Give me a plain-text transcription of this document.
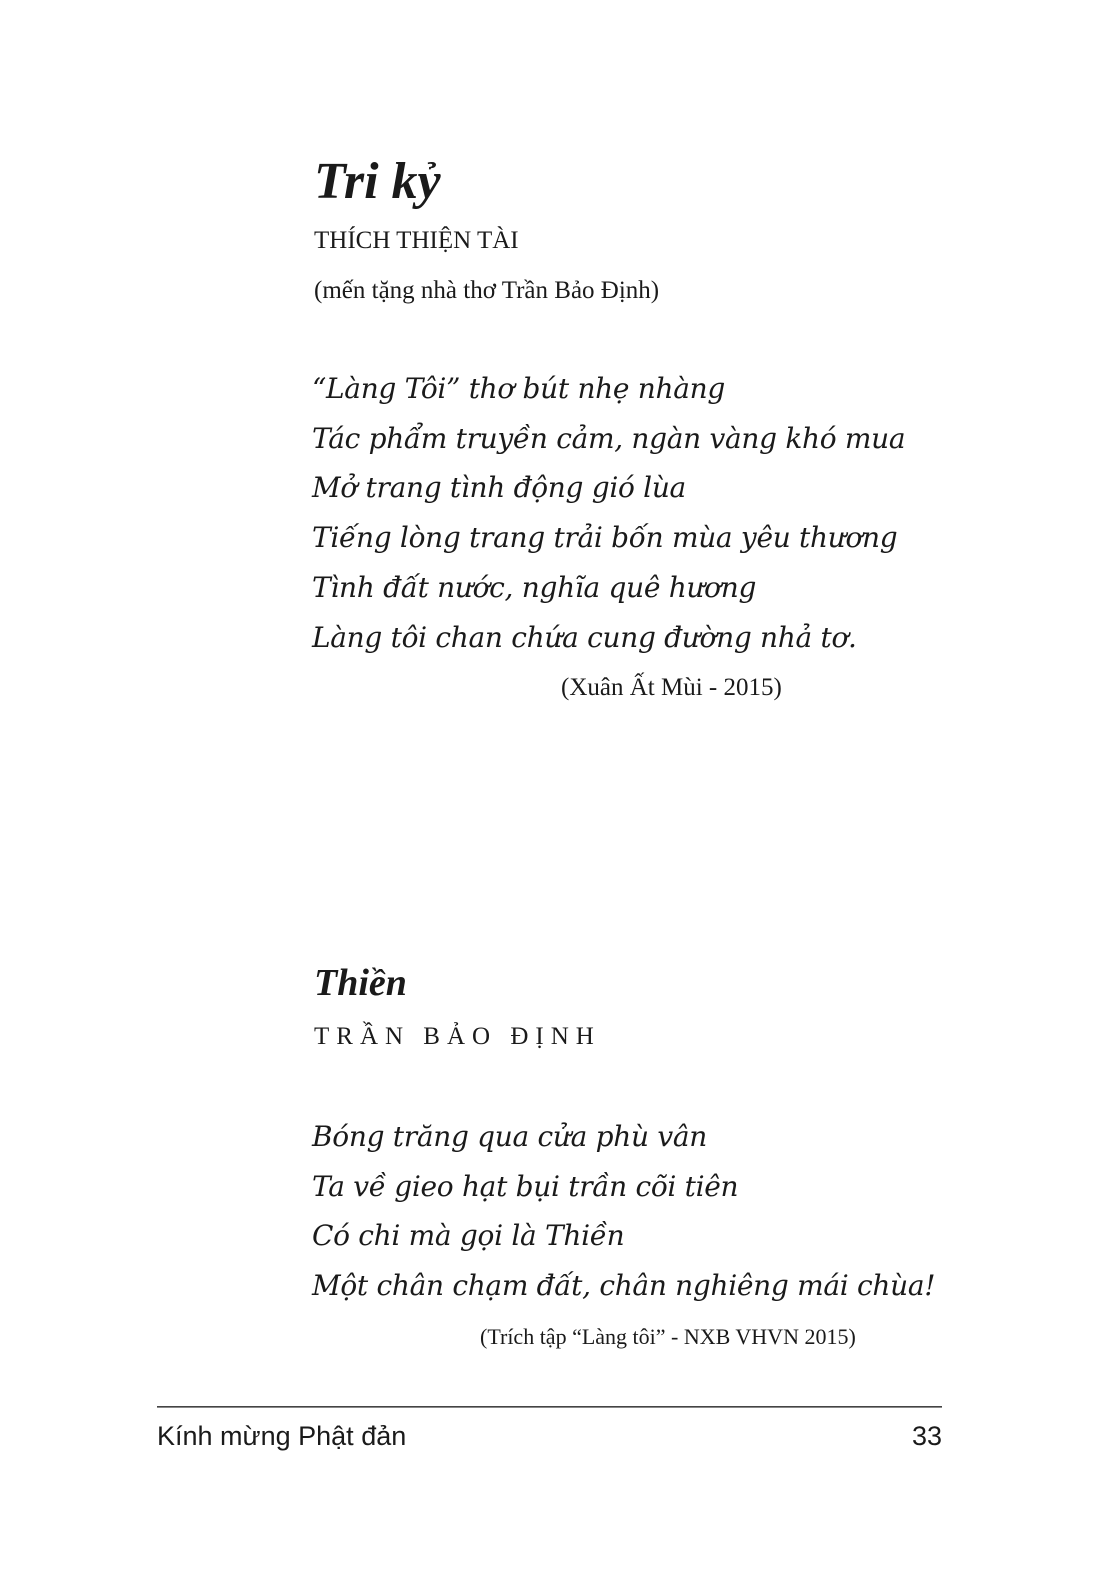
Tri kỷ
THÍCH THIỆN TÀI
(mến tặng nhà thơ Trần Bảo Định)
“Làng Tôi” thơ bút nhẹ nhàng
Tác phẩm truyền cảm, ngàn vàng khó mua
Mở trang tình động gió lùa
Tiếng lòng trang trải bốn mùa yêu thương
Tình đất nước, nghĩa quê hương
Làng tôi chan chứa cung đường nhả tơ.
(Xuân Ất Mùi - 2015)
Thiền
TRẦN BẢO ĐỊNH
Bóng trăng qua cửa phù vân
Ta về gieo hạt bụi trần cõi tiên
Có chi mà gọi là Thiền
Một chân chạm đất, chân nghiêng mái chùa!
(Trích tập “Làng tôi” - NXB VHVN 2015)
Kính mừng Phật đản	33
